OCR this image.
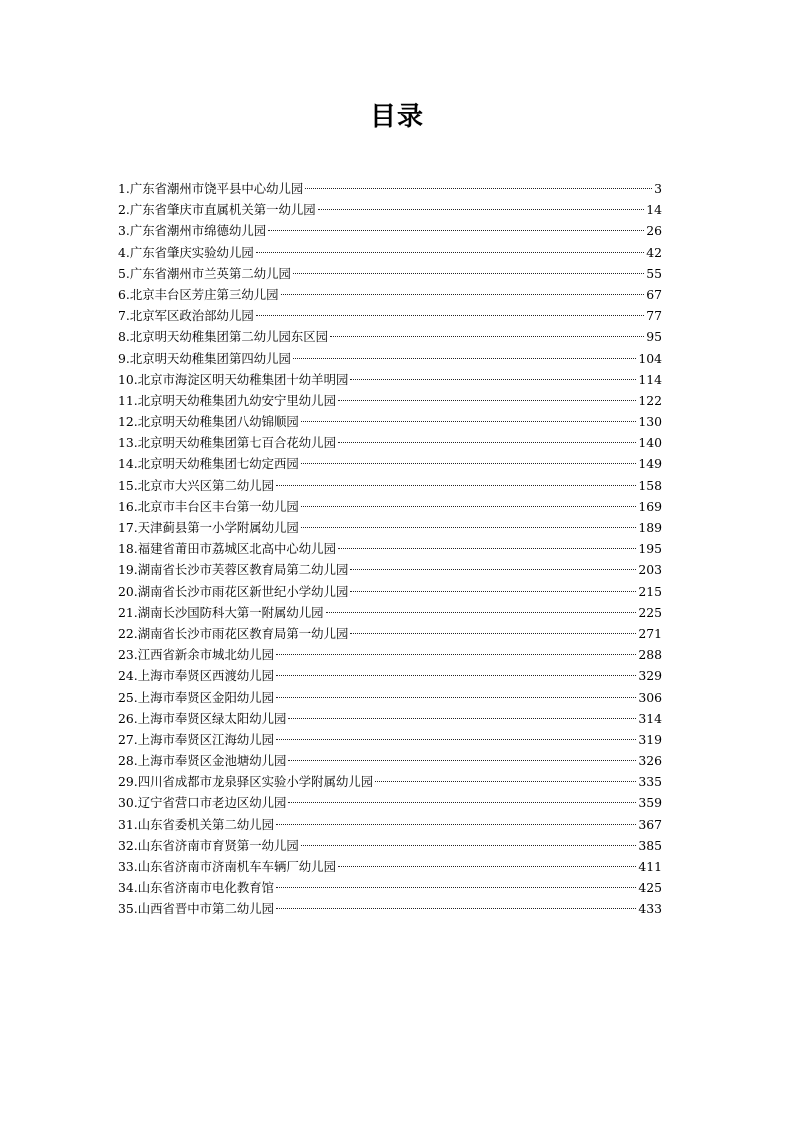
目录
1.广东省潮州市饶平县中心幼儿园	3
2.广东省肇庆市直属机关第一幼儿园	14
3.广东省潮州市绵德幼儿园	26
4.广东省肇庆实验幼儿园	42
5.广东省潮州市兰英第二幼儿园	55
6.北京丰台区芳庄第三幼儿园	67
7.北京军区政治部幼儿园	77
8.北京明天幼稚集团第二幼儿园东区园	95
9.北京明天幼稚集团第四幼儿园	104
10.北京市海淀区明天幼稚集团十幼羊明园	114
11.北京明天幼稚集团九幼安宁里幼儿园	122
12.北京明天幼稚集团八幼锦顺园	130
13.北京明天幼稚集团第七百合花幼儿园	140
14.北京明天幼稚集团七幼定西园	149
15.北京市大兴区第二幼儿园	158
16.北京市丰台区丰台第一幼儿园	169
17.天津蓟县第一小学附属幼儿园	189
18.福建省莆田市荔城区北高中心幼儿园	195
19.湖南省长沙市芙蓉区教育局第二幼儿园	203
20.湖南省长沙市雨花区新世纪小学幼儿园	215
21.湖南长沙国防科大第一附属幼儿园	225
22.湖南省长沙市雨花区教育局第一幼儿园	271
23.江西省新余市城北幼儿园	288
24.上海市奉贤区西渡幼儿园	329
25.上海市奉贤区金阳幼儿园	306
26.上海市奉贤区绿太阳幼儿园	314
27.上海市奉贤区江海幼儿园	319
28.上海市奉贤区金池塘幼儿园	326
29.四川省成都市龙泉驿区实验小学附属幼儿园	335
30.辽宁省营口市老边区幼儿园	359
31.山东省委机关第二幼儿园	367
32.山东省济南市育贤第一幼儿园	385
33.山东省济南市济南机车车辆厂幼儿园	411
34.山东省济南市电化教育馆	425
35.山西省晋中市第二幼儿园	433
